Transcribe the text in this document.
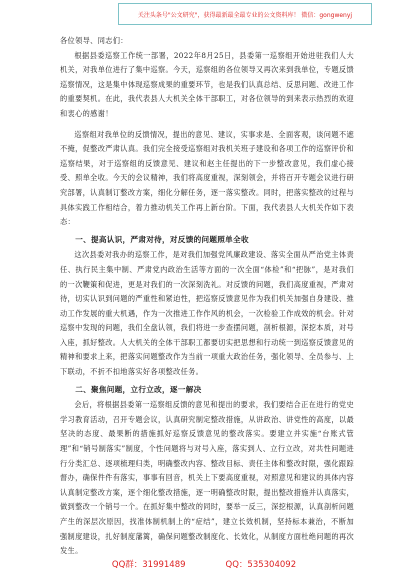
关注头条号"公文研究"，获得最新最全最专业的公文资料库！ 微信：gongwenyj

各位领导、同志们：

根据县委巡察工作统一部署，2022年8月25日，县委第一巡察组开始进驻我们人大机关，对我单位进行了集中巡察。今天，巡察组的各位领导又再次来到我单位，专题反馈巡察情况，这是集中体现巡察成果的重要环节，也是我们认真总结、反思问题、改进工作的重要契机。在此，我代表县人大机关全体干部职工，对各位领导的到来表示热烈的欢迎和衷心的感谢！

巡察组对我单位的反馈情况，提出的意见、建议，实事求是、全面客观，谈问题不遮不掩，促整改严肃认真。我们完全接受巡察组对我机关班子建设和各项工作的巡察评价和巡察结果，对于巡察组的反馈意见、建议和赵主任提出的下一步整改意见，我们虚心接受、照单全收。今天的会议精神，我们将高度重视，深刻领会，并将百开专题会议进行研究部署，认真制订整改方案，细化分解任务，逐一落实整改。同时，把落实整改的过程与具体实践工作相结合，着力推动机关工作再上新台阶。下面，我代表县人大机关作如下表态：

一、提高认识，严肃对待，对反馈的问题照单全收

这次县委对我办的巡察工作，是对我们加强党风廉政建设、落实全面从严治党主体责任、执行民主集中制、严肃党内政治生活等方面的一次全面“体检”和“把脉”，是对我们的一次鞭策和促进，更是对我们的一次深刻洗礼。对反馈的问题，我们高度重视，严肃对待，切实认识到问题的严重性和紧迫性，把巡察反馈意见作为我们机关加强自身建设、推动工作发展的重大机遇，作为一次推进工作作风的机会，一次检验工作成效的机会。针对巡察中发现的问题，我们全盘认领，我们将进一步查摆问题，剖析根源，深挖本质，对号入座，抓好整改。人大机关的全体干部职工都要切实把思想和行动统一到巡察反馈意见的精神和要求上来，把落实问题整改作为当前一项重大政治任务，强化领导、全员参与、上下联动，不折不扣地落实好各项整改任务。

二、聚焦问题，立行立改，逐一解决

会后，将根据县委第一巡察组反馈的意见和提出的要求，我们要结合正在进行的党史学习教育活动，召开专题会议，认真研究制定整改措施，从讲政治、讲党性的高度，以最坚决的态度、最果断的措施抓好巡察反馈意见的整改落实。要建立并实施“台账式管理”和“销号制落实”制度，个性问题将与对号入座，落实到人、立行立改，对共性问题进行分类汇总、逐项梳理归类，明确整改内容、整改目标、责任主体和整改时限，强化跟踪督办，确保件件有落实，事事有回音，机关上下要高度重视，对照意见和建议的具体内容认真制定整改方案，逐个细化整改措施，逐一明确整改时限，提出整改措施并认真落实，做到整改一个销号一个。在抓好集中整改的同时，要举一反三，深挖根源，认真剖析问题产生的深层次原因，找准体制机制上的“症结”，建立长效机制，坚持标本兼治，不断加强制度建设，扎好制度藩篱，确保问题整改制度化、长效化，从制度方面杜绝问题的再次发生。

QQ群：31991489	QQ：535304092
